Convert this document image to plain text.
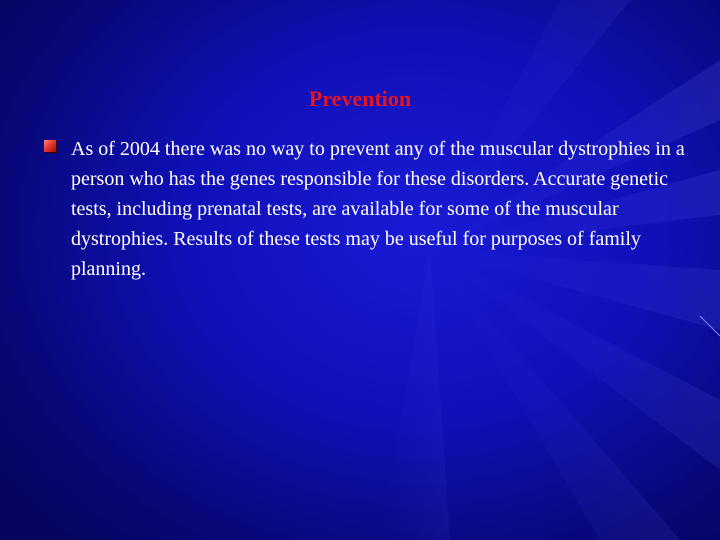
Prevention

As of 2004 there was no way to prevent any of the muscular dystrophies in a person who has the genes responsible for these disorders. Accurate genetic tests, including prenatal tests, are available for some of the muscular dystrophies. Results of these tests may be useful for purposes of family planning.
